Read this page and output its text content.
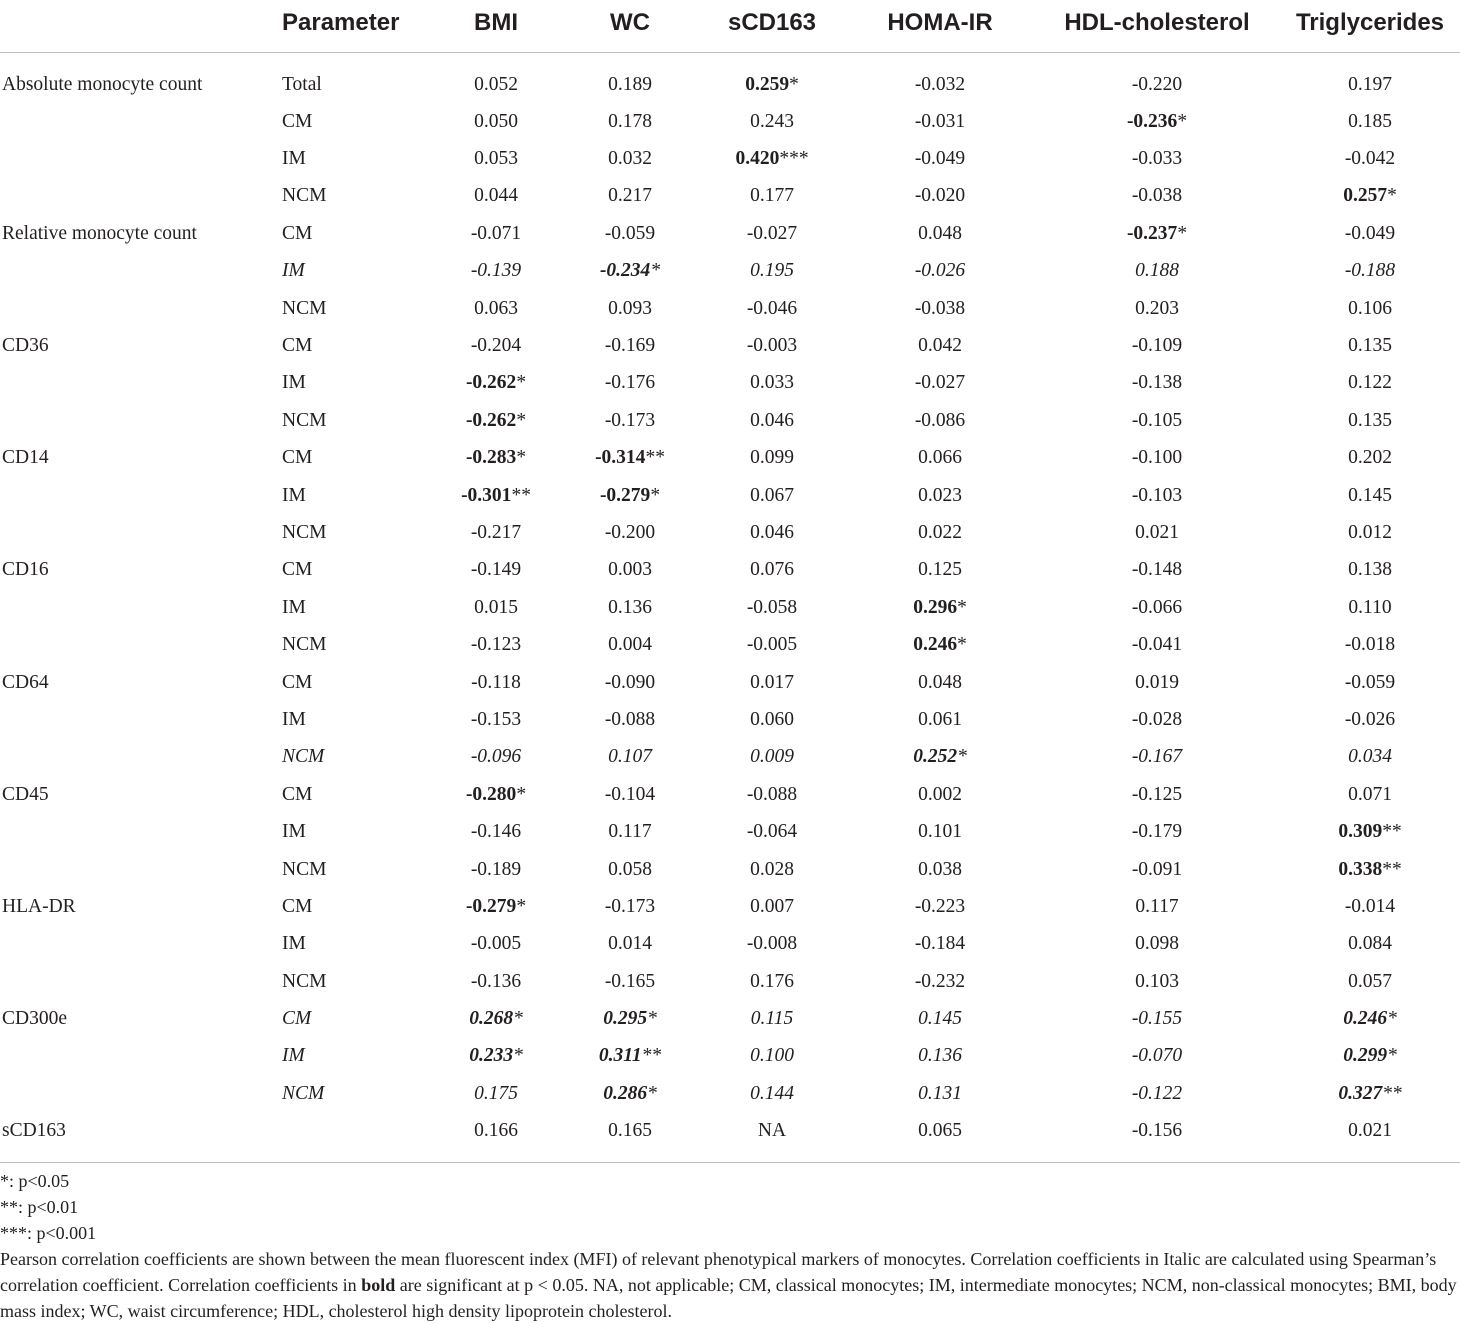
	Parameter	BMI	WC	sCD163	HOMA-IR	HDL-cholesterol	Triglycerides
Absolute monocyte count	Total	0.052	0.189	0.259*	-0.032	-0.220	0.197
	CM	0.050	0.178	0.243	-0.031	-0.236*	0.185
	IM	0.053	0.032	0.420***	-0.049	-0.033	-0.042
	NCM	0.044	0.217	0.177	-0.020	-0.038	0.257*
Relative monocyte count	CM	-0.071	-0.059	-0.027	0.048	-0.237*	-0.049
	IM	-0.139	-0.234*	0.195	-0.026	0.188	-0.188
	NCM	0.063	0.093	-0.046	-0.038	0.203	0.106
CD36	CM	-0.204	-0.169	-0.003	0.042	-0.109	0.135
	IM	-0.262*	-0.176	0.033	-0.027	-0.138	0.122
	NCM	-0.262*	-0.173	0.046	-0.086	-0.105	0.135
CD14	CM	-0.283*	-0.314**	0.099	0.066	-0.100	0.202
	IM	-0.301**	-0.279*	0.067	0.023	-0.103	0.145
	NCM	-0.217	-0.200	0.046	0.022	0.021	0.012
CD16	CM	-0.149	0.003	0.076	0.125	-0.148	0.138
	IM	0.015	0.136	-0.058	0.296*	-0.066	0.110
	NCM	-0.123	0.004	-0.005	0.246*	-0.041	-0.018
CD64	CM	-0.118	-0.090	0.017	0.048	0.019	-0.059
	IM	-0.153	-0.088	0.060	0.061	-0.028	-0.026
	NCM	-0.096	0.107	0.009	0.252*	-0.167	0.034
CD45	CM	-0.280*	-0.104	-0.088	0.002	-0.125	0.071
	IM	-0.146	0.117	-0.064	0.101	-0.179	0.309**
	NCM	-0.189	0.058	0.028	0.038	-0.091	0.338**
HLA-DR	CM	-0.279*	-0.173	0.007	-0.223	0.117	-0.014
	IM	-0.005	0.014	-0.008	-0.184	0.098	0.084
	NCM	-0.136	-0.165	0.176	-0.232	0.103	0.057
CD300e	CM	0.268*	0.295*	0.115	0.145	-0.155	0.246*
	IM	0.233*	0.311**	0.100	0.136	-0.070	0.299*
	NCM	0.175	0.286*	0.144	0.131	-0.122	0.327**
sCD163		0.166	0.165	NA	0.065	-0.156	0.021

*: p<0.05

**: p<0.01

***: p<0.001

Pearson correlation coefficients are shown between the mean fluorescent index (MFI) of relevant phenotypical markers of monocytes. Correlation coefficients in Italic are calculated using Spearman’s correlation coefficient. Correlation coefficients in bold are significant at p < 0.05. NA, not applicable; CM, classical monocytes; IM, intermediate monocytes; NCM, non-classical monocytes; BMI, body mass index; WC, waist circumference; HDL, cholesterol high density lipoprotein cholesterol.
